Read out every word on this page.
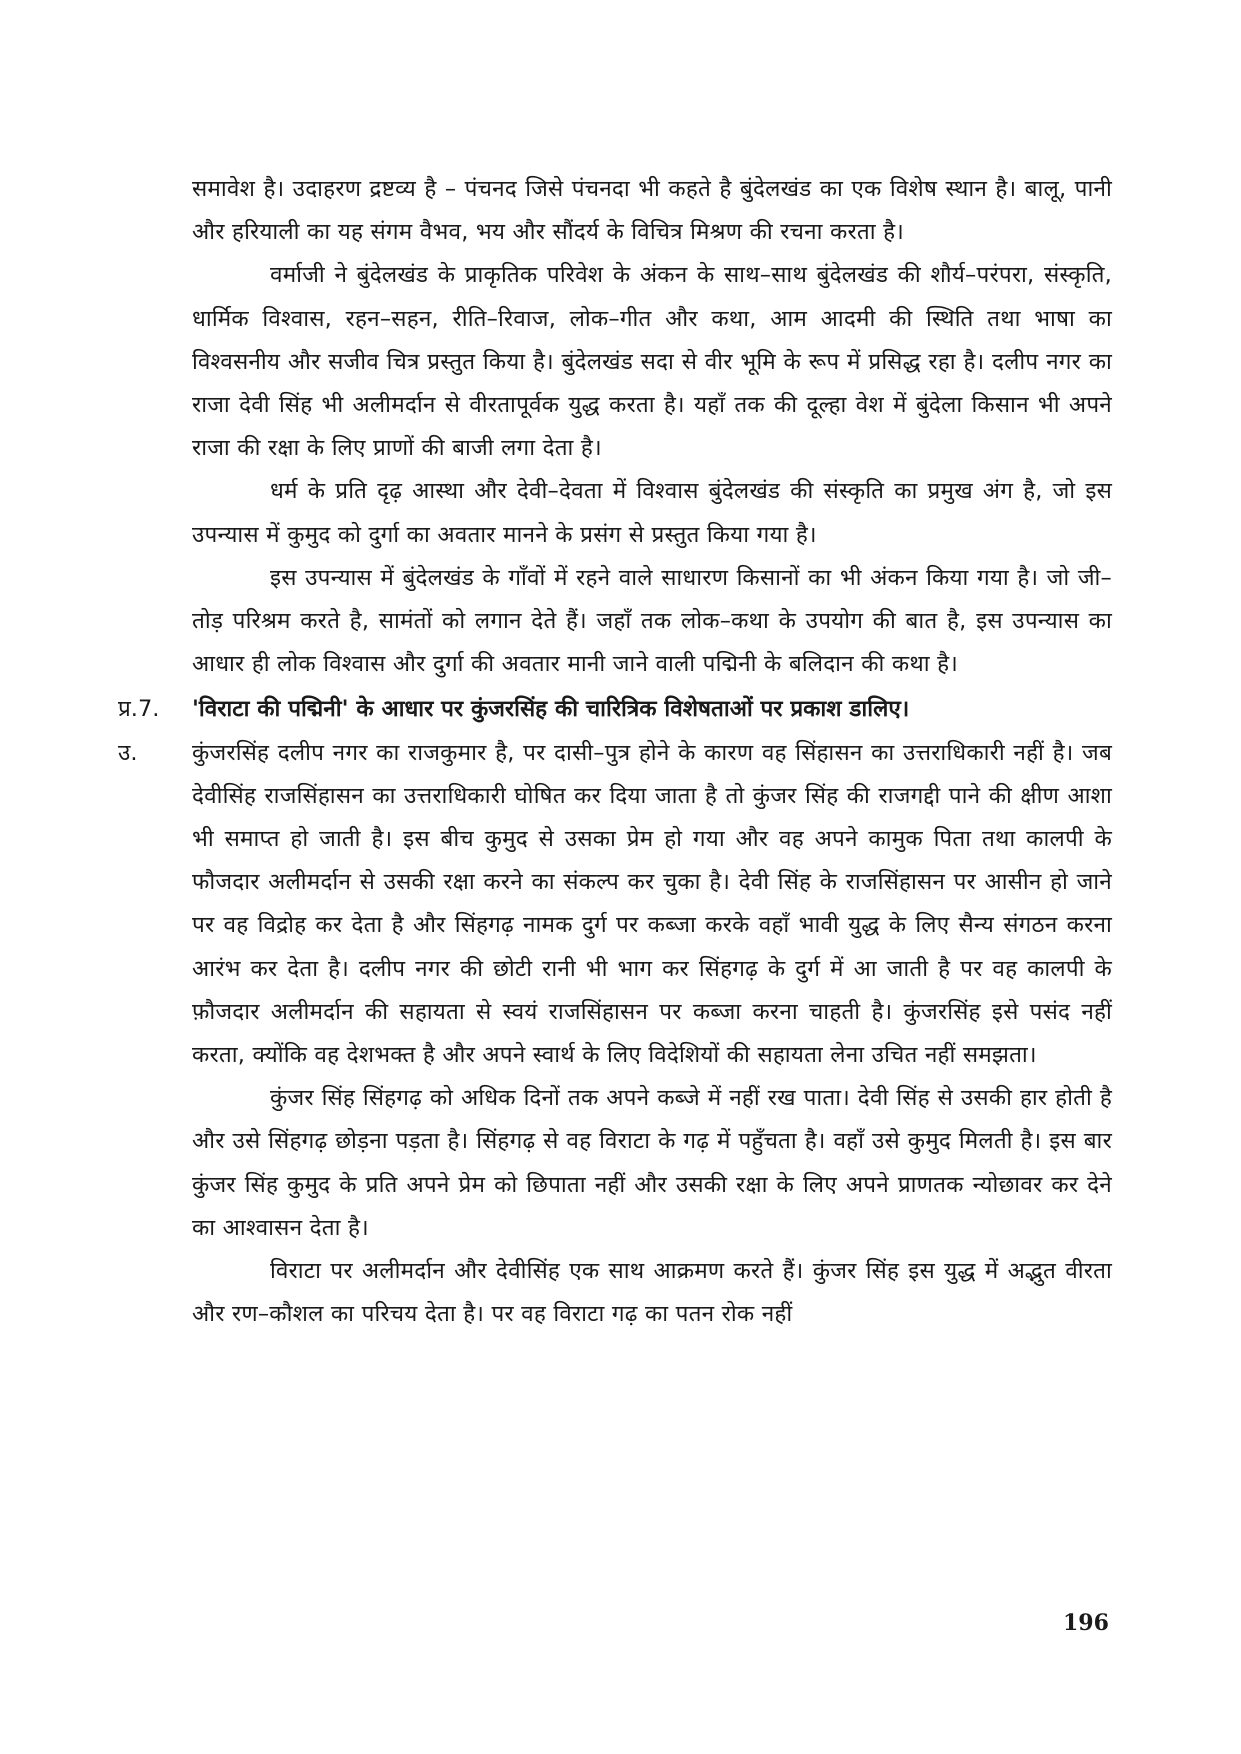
समावेश है। उदाहरण द्रष्टव्य है – पंचनद जिसे पंचनदा भी कहते है बुंदेलखंड का एक विशेष स्थान है। बालू, पानी और हरियाली का यह संगम वैभव, भय और सौंदर्य के विचित्र मिश्रण की रचना करता है।

वर्माजी ने बुंदेलखंड के प्राकृतिक परिवेश के अंकन के साथ–साथ बुंदेलखंड की शौर्य–परंपरा, संस्कृति, धार्मिक विश्वास, रहन–सहन, रीति–रिवाज, लोक–गीत और कथा, आम आदमी की स्थिति तथा भाषा का विश्वसनीय और सजीव चित्र प्रस्तुत किया है। बुंदेलखंड सदा से वीर भूमि के रूप में प्रसिद्ध रहा है। दलीप नगर का राजा देवी सिंह भी अलीमर्दान से वीरतापूर्वक युद्ध करता है। यहाँ तक की दूल्हा वेश में बुंदेला किसान भी अपने राजा की रक्षा के लिए प्राणों की बाजी लगा देता है।

धर्म के प्रति दृढ़ आस्था और देवी–देवता में विश्वास बुंदेलखंड की संस्कृति का प्रमुख अंग है, जो इस उपन्यास में कुमुद को दुर्गा का अवतार मानने के प्रसंग से प्रस्तुत किया गया है।

इस उपन्यास में बुंदेलखंड के गाँवों में रहने वाले साधारण किसानों का भी अंकन किया गया है। जो जी–तोड़ परिश्रम करते है, सामंतों को लगान देते हैं। जहाँ तक लोक–कथा के उपयोग की बात है, इस उपन्यास का आधार ही लोक विश्वास और दुर्गा की अवतार मानी जाने वाली पद्मिनी के बलिदान की कथा है।

प्र.7. 'विराटा की पद्मिनी' के आधार पर कुंजरसिंह की चारित्रिक विशेषताओं पर प्रकाश डालिए।

उ. कुंजरसिंह दलीप नगर का राजकुमार है, पर दासी–पुत्र होने के कारण वह सिंहासन का उत्तराधिकारी नहीं है। जब देवीसिंह राजसिंहासन का उत्तराधिकारी घोषित कर दिया जाता है तो कुंजर सिंह की राजगद्दी पाने की क्षीण आशा भी समाप्त हो जाती है। इस बीच कुमुद से उसका प्रेम हो गया और वह अपने कामुक पिता तथा कालपी के फौजदार अलीमर्दान से उसकी रक्षा करने का संकल्प कर चुका है। देवी सिंह के राजसिंहासन पर आसीन हो जाने पर वह विद्रोह कर देता है और सिंहगढ़ नामक दुर्ग पर कब्जा करके वहाँ भावी युद्ध के लिए सैन्य संगठन करना आरंभ कर देता है। दलीप नगर की छोटी रानी भी भाग कर सिंहगढ़ के दुर्ग में आ जाती है पर वह कालपी के फ़ौजदार अलीमर्दान की सहायता से स्वयं राजसिंहासन पर कब्जा करना चाहती है। कुंजरसिंह इसे पसंद नहीं करता, क्योंकि वह देशभक्त है और अपने स्वार्थ के लिए विदेशियों की सहायता लेना उचित नहीं समझता।

कुंजर सिंह सिंहगढ़ को अधिक दिनों तक अपने कब्जे में नहीं रख पाता। देवी सिंह से उसकी हार होती है और उसे सिंहगढ़ छोड़ना पड़ता है। सिंहगढ़ से वह विराटा के गढ़ में पहुँचता है। वहाँ उसे कुमुद मिलती है। इस बार कुंजर सिंह कुमुद के प्रति अपने प्रेम को छिपाता नहीं और उसकी रक्षा के लिए अपने प्राणतक न्योछावर कर देने का आश्वासन देता है।

विराटा पर अलीमर्दान और देवीसिंह एक साथ आक्रमण करते हैं। कुंजर सिंह इस युद्ध में अद्भुत वीरता और रण–कौशल का परिचय देता है। पर वह विराटा गढ़ का पतन रोक नहीं

196
